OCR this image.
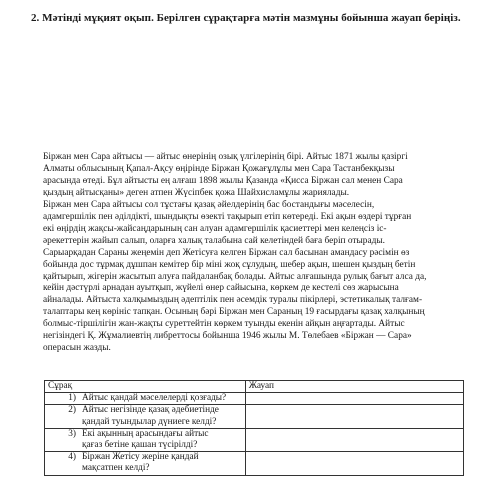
2. Мәтінді мұқият оқып. Берілген сұрақтарға мәтін мазмұны бойынша жауап беріңіз.
Біржан мен Сара айтысы — айтыс өнерінің озық үлгілерінің бірі. Айтыс 1871 жылы қазіргі
Алматы облысының Қапал-Ақсу өңірінде Біржан Қожағұлұлы мен Сара Тастанбекқызы
арасында өтеді. Бұл айтысты ең алғаш 1898 жылы Қазанда «Қисса Біржан сал менен Сара
қыздың айтысқаны» деген атпен Жүсіпбек қожа Шайхисламұлы жариялады.
Біржан мен Сара айтысы сол тұстағы қазақ әйелдерінің бас бостандығы мәселесін,
адамгершілік пен әділдікті, шындықты өзекті тақырып етіп көтереді. Екі ақын өздері тұрған
екі өңірдің жақсы-жайсаңдарының сан алуан адамгершілік қасиеттері мен келеңсіз іс-
әрекеттерін жайып салып, оларға халық талабына сай келетіндей баға беріп отырады.
Сарыарқадан Сараны жеңемін деп Жетісуға келген Біржан сал басынан амандасу рәсімін өз
бойында дос тұрмақ дұшпан кемітер бір міні жоқ сұлудың, шебер ақын, шешен қыздың бетін
қайтырып, жігерін жасытып алуға пайдаланбақ болады. Айтыс алғашында рулық бағыт алса да,
кейін дәстүрлі арнадан ауытқып, жүйелі өнер сайысына, көркем де кестелі сөз жарысына
айналады. Айтыста халқымыздың әдептілік пен әсемдік туралы пікірлері, эстетикалық талғам-
талаптары кең көрініс тапқан. Осының бәрі Біржан мен Сараның 19 ғасырдағы қазақ халқының
болмыс-тіршілігін жан-жақты суреттейтін көркем туынды екенін айқын аңғартады. Айтыс
негізіндегі Қ. Жұмалиевтің либреттосы бойынша 1946 жылы М. Төлебаев «Біржан — Сара»
операсын жазды.
Сұрақ	Жауап

1) Айтыс қандай мәселелерді қозғады?	

2) Айтыс негізінде қазақ әдебиетінде
қандай туындылар дүниеге келді?	

3) Екі ақынның арасындағы айтыс
қағаз бетіне қашан түсірілді?	

4) Біржан Жетісу жеріне қандай
мақсатпен келді?	
